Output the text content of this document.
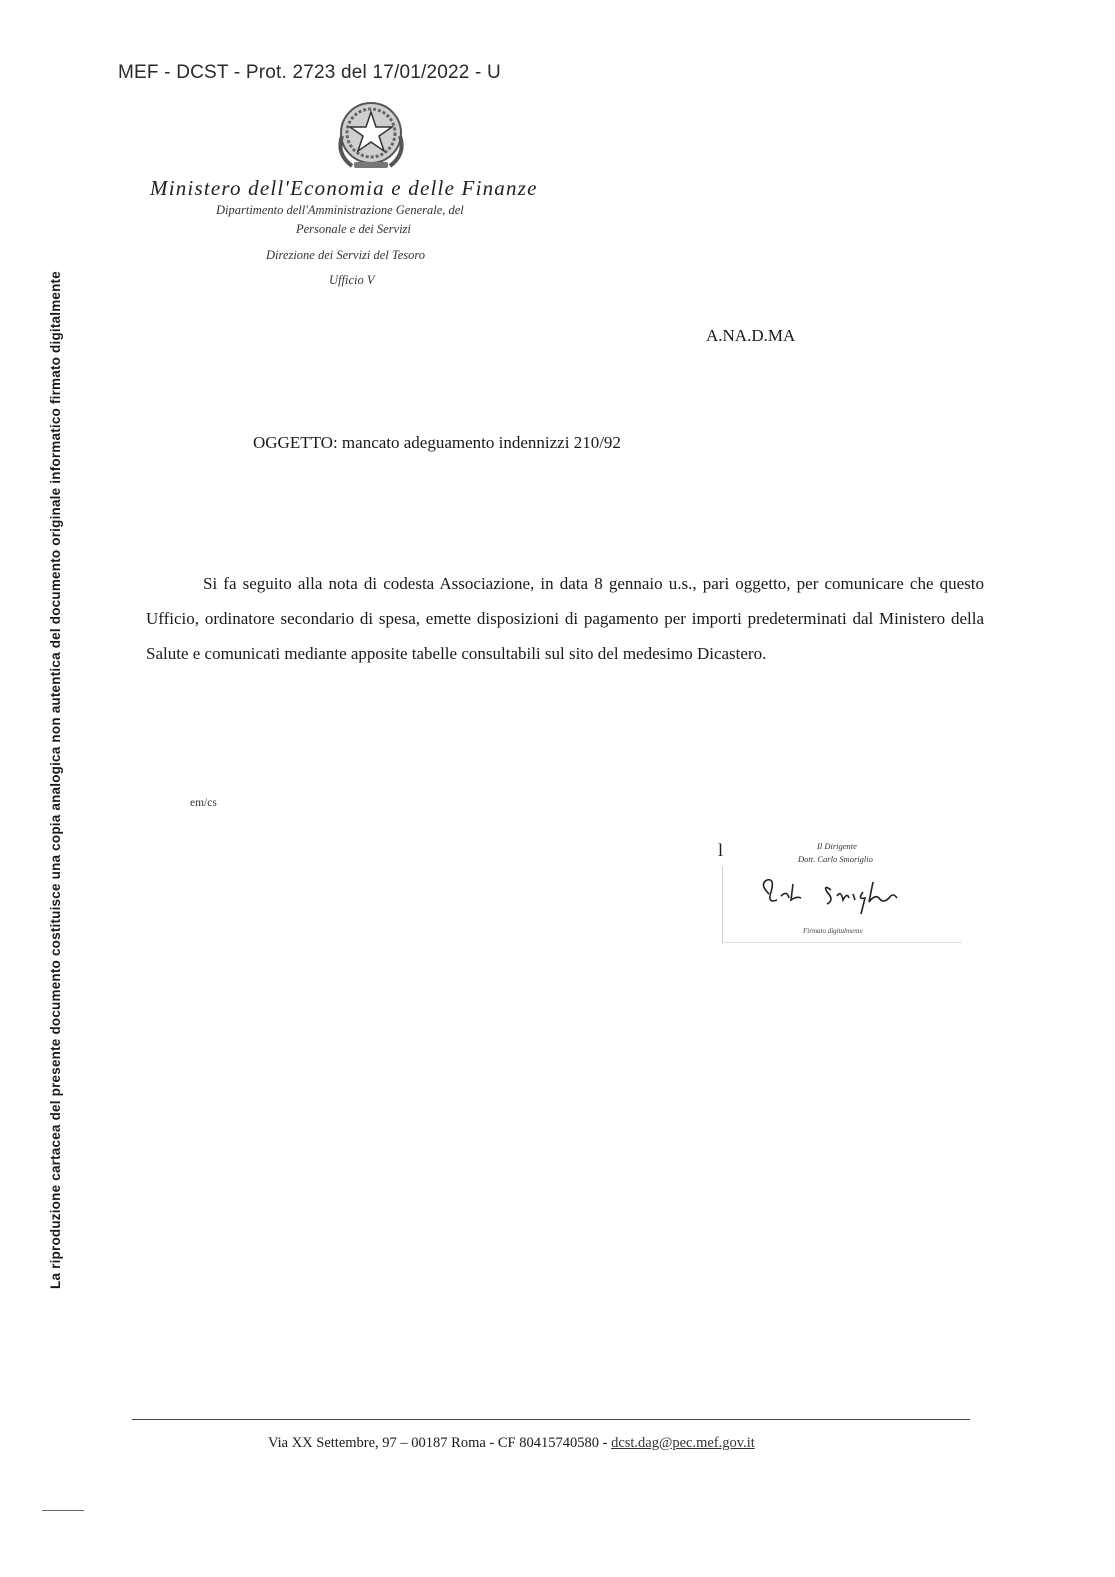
MEF - DCST - Prot. 2723 del 17/01/2022 - U
Ministero dell'Economia e delle Finanze
Dipartimento dell'Amministrazione Generale, del
Personale e dei Servizi
Direzione dei Servizi del Tesoro
Ufficio V
A.NA.D.MA
OGGETTO: mancato adeguamento indennizzi 210/92

Si fa seguito alla nota di codesta Associazione, in data 8 gennaio u.s., pari oggetto, per comunicare che questo Ufficio, ordinatore secondario di spesa, emette disposizioni di pagamento per importi predeterminati dal Ministero della Salute e comunicati mediante apposite tabelle consultabili sul sito del medesimo Dicastero.

em/cs
l	Il Dirigente
Dott. Carlo Smoriglio
Firmato digitalmente
La riproduzione cartacea del presente documento costituisce una copia analogica non autentica del documento originale informatico firmato digitalmente
Via XX Settembre, 97 – 00187 Roma - CF 80415740580 - dcst.dag@pec.mef.gov.it
